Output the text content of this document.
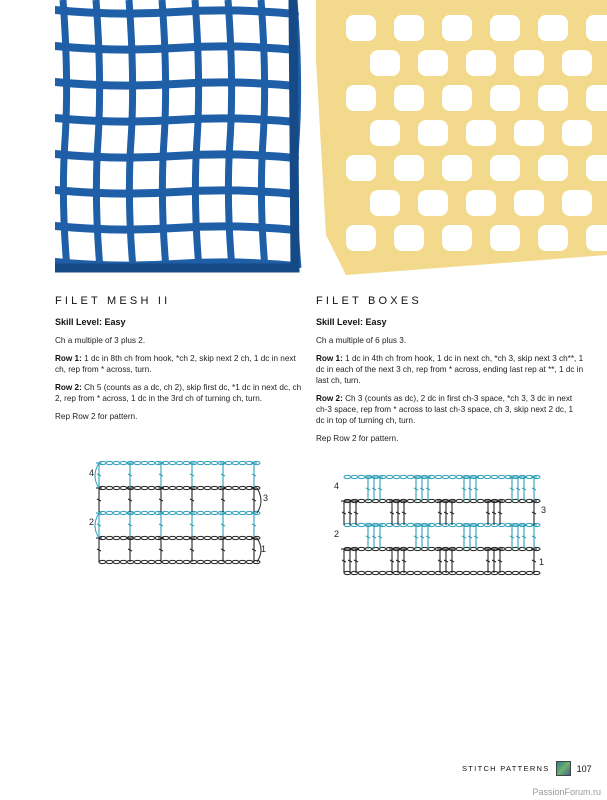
FILET MESH II
Skill Level: Easy

Ch a multiple of 3 plus 2.

Row 1: 1 dc in 8th ch from hook, *ch 2, skip next 2 ch, 1 dc in next ch, rep from * across, turn.

Row 2: Ch 5 (counts as a dc, ch 2), skip first dc, *1 dc in next dc, ch 2, rep from * across, 1 dc in the 3rd ch of turning ch, turn.

Rep Row 2 for pattern.

FILET BOXES
Skill Level: Easy

Ch a multiple of 6 plus 3.

Row 1: 1 dc in 4th ch from hook, 1 dc in next ch, *ch 3, skip next 3 ch**, 1 dc in each of the next 3 ch, rep from * across, ending last rep at **, 1 dc in last ch, turn.

Row 2: Ch 3 (counts as dc), 2 dc in first ch-3 space, *ch 3, 3 dc in next ch-3 space, rep from * across to last ch-3 space, ch 3, skip next 2 dc, 1 dc in top of turning ch, turn.

Rep Row 2 for pattern.

4
3
2
1
4
3
2
1
STITCH PATTERNS	107
PassionForum.ru
